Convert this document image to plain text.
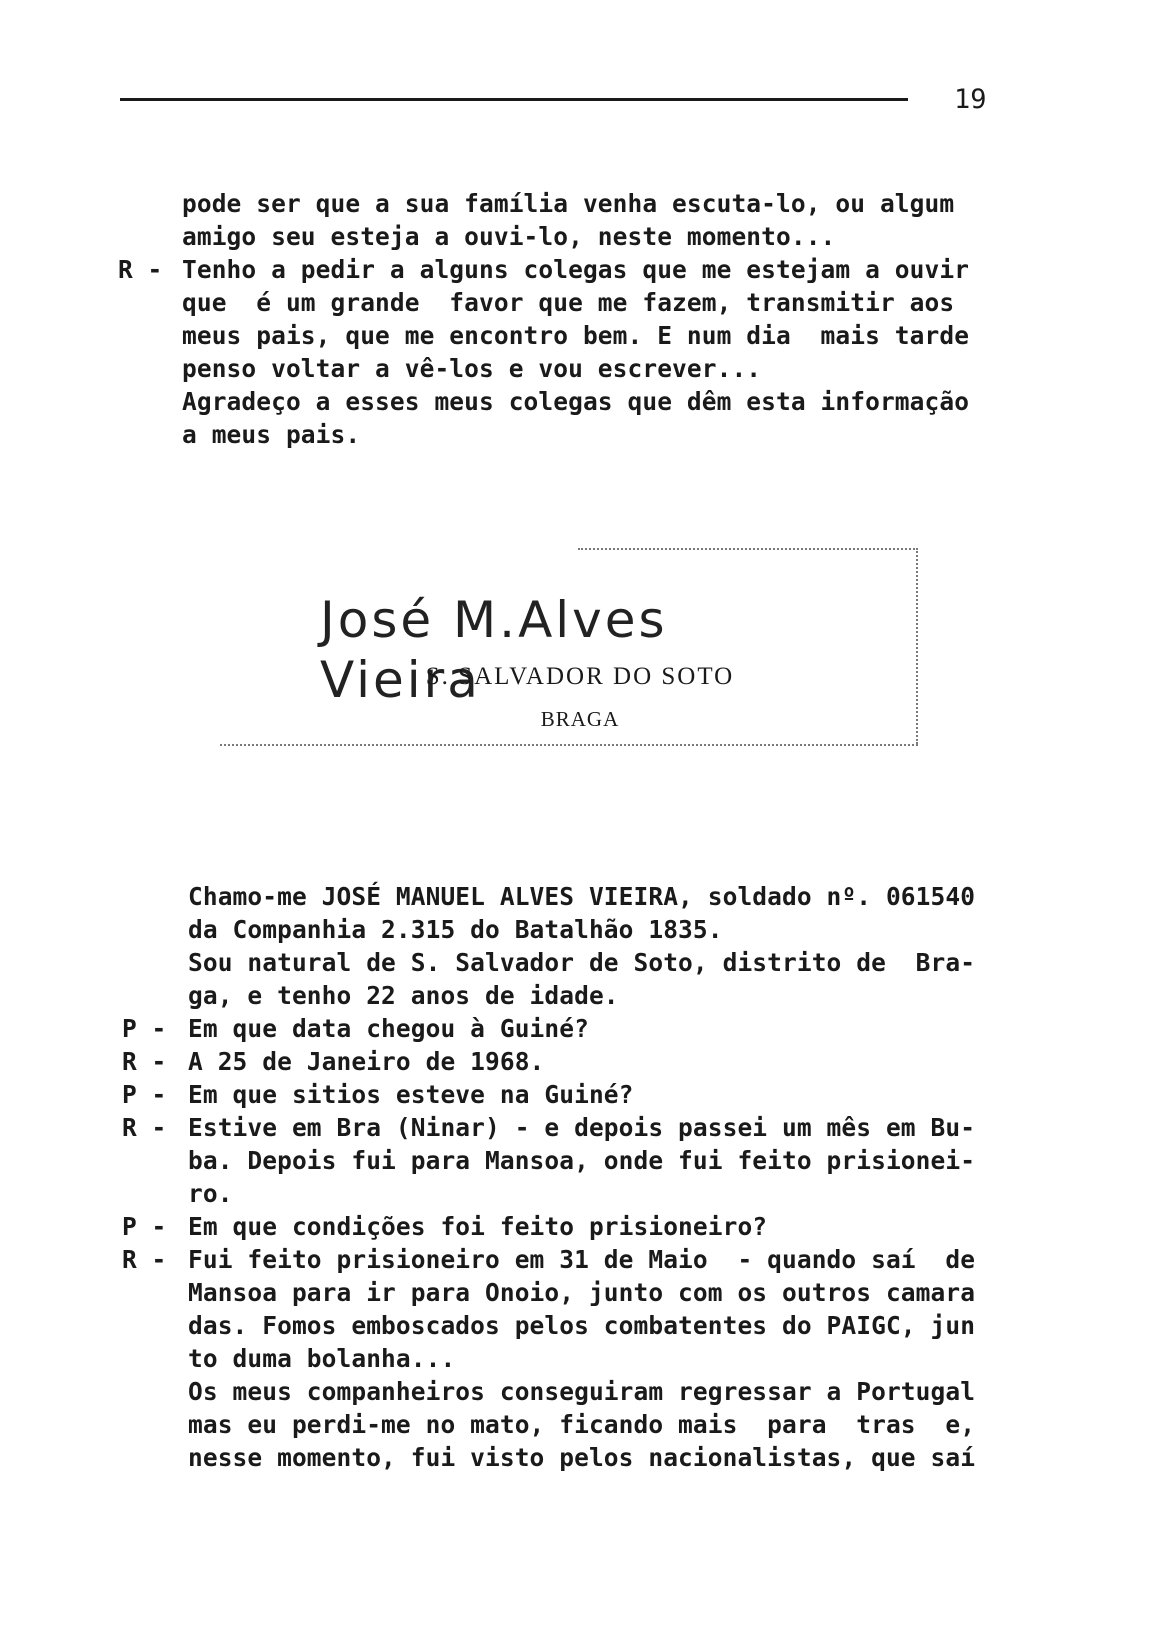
19
pode ser que a sua família venha escuta-lo, ou algum
amigo seu esteja a ouvi-lo, neste momento...
R - Tenho a pedir a alguns colegas que me estejam a ouvir
que  é um grande  favor que me fazem, transmitir aos
meus pais, que me encontro bem. E num dia  mais tarde
penso voltar a vê-los e vou escrever...
Agradeço a esses meus colegas que dêm esta informação
a meus pais.
José M.Alves Vieira
S. SALVADOR DO SOTO
BRAGA
Chamo-me JOSÉ MANUEL ALVES VIEIRA, soldado nº. 061540
da Companhia 2.315 do Batalhão 1835.
Sou natural de S. Salvador de Soto, distrito de  Bra-
ga, e tenho 22 anos de idade.
P - Em que data chegou à Guiné?
R - A 25 de Janeiro de 1968.
P - Em que sitios esteve na Guiné?
R - Estive em Bra (Ninar) - e depois passei um mês em Bu-
ba. Depois fui para Mansoa, onde fui feito prisionei-
ro.
P - Em que condições foi feito prisioneiro?
R - Fui feito prisioneiro em 31 de Maio  - quando saí  de
Mansoa para ir para Onoio, junto com os outros camara
das. Fomos emboscados pelos combatentes do PAIGC, jun
to duma bolanha...
Os meus companheiros conseguiram regressar a Portugal
mas eu perdi-me no mato, ficando mais  para  tras  e,
nesse momento, fui visto pelos nacionalistas, que saí
